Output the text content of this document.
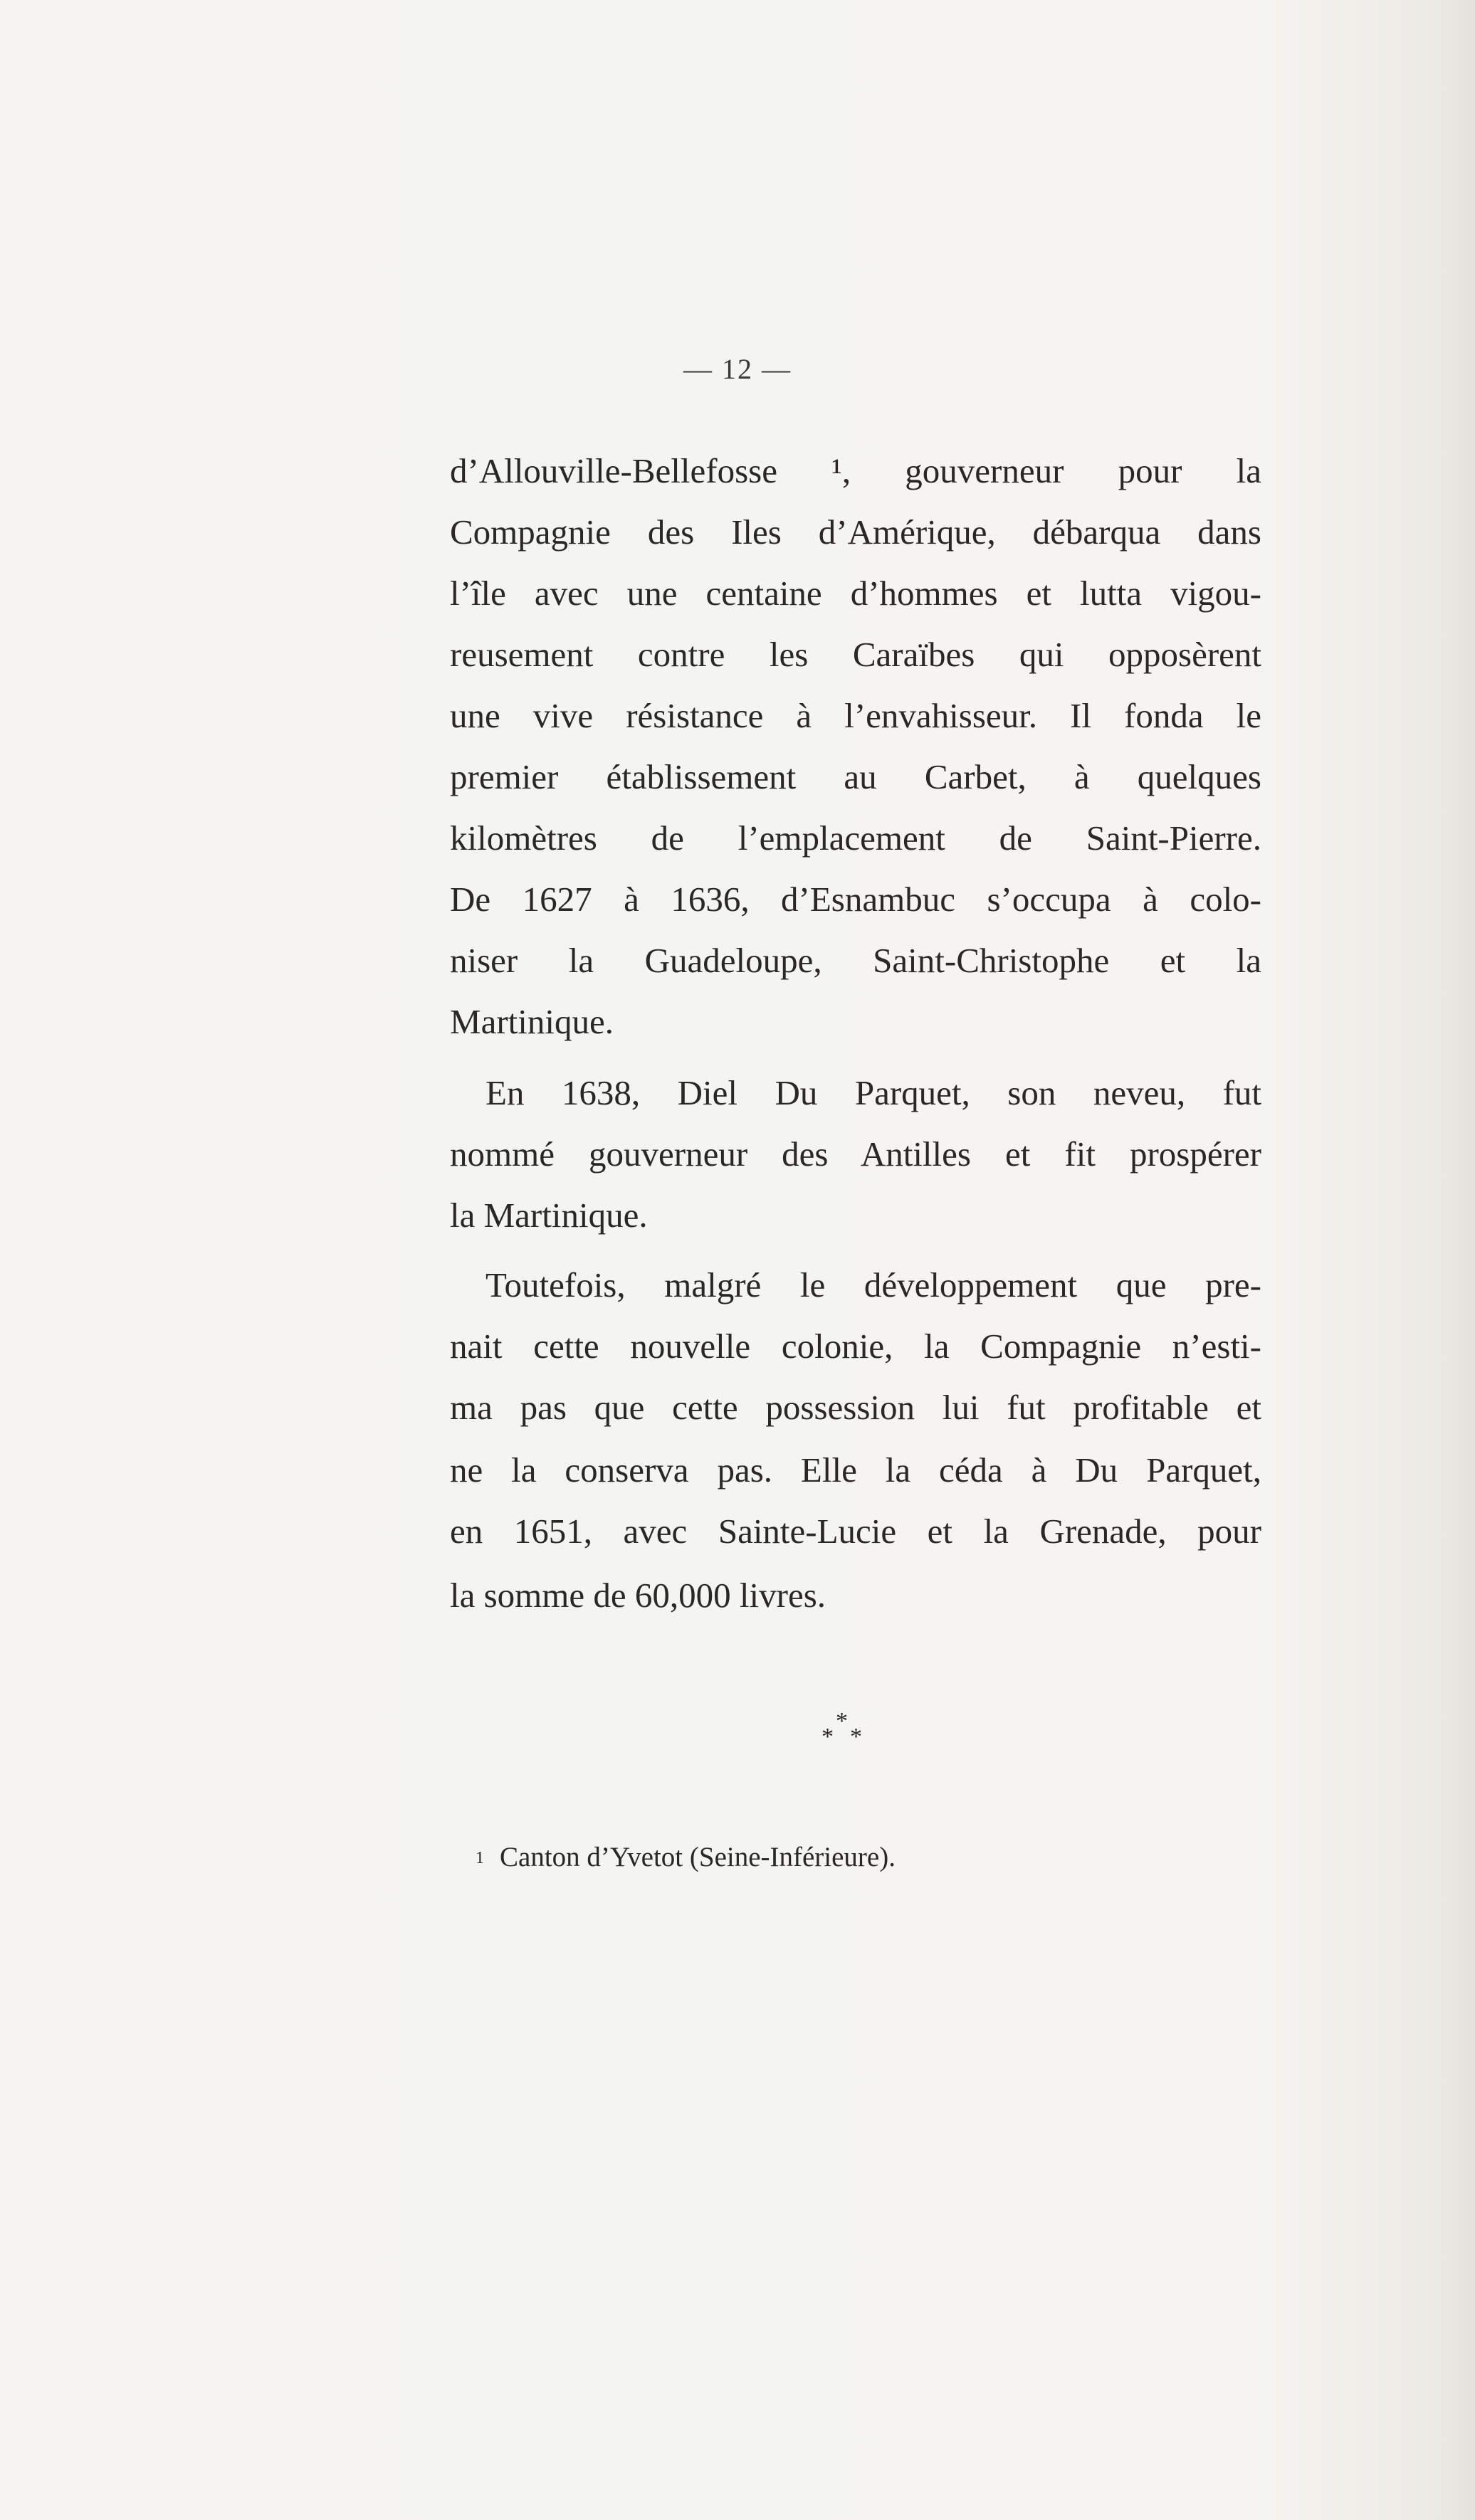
— 12 —
d’Allouville-Bellefosse ¹, gouverneur pour la
Compagnie des Iles d’Amérique, débarqua dans
l’île avec une centaine d’hommes et lutta vigou-
reusement contre les Caraïbes qui opposèrent
une vive résistance à l’envahisseur. Il fonda le
premier établissement au Carbet, à quelques
kilomètres de l’emplacement de Saint-Pierre.
De 1627 à 1636, d’Esnambuc s’occupa à colo-
niser la Guadeloupe, Saint-Christophe et la
Martinique.
En 1638, Diel Du Parquet, son neveu, fut
nommé gouverneur des Antilles et fit prospérer
la Martinique.
Toutefois, malgré le développement que pre-
nait cette nouvelle colonie, la Compagnie n’esti-
ma pas que cette possession lui fut profitable et
ne la conserva pas. Elle la céda à Du Parquet,
en 1651, avec Sainte-Lucie et la Grenade, pour
la somme de 60,000 livres.
*
* *
1 Canton d’Yvetot (Seine-Inférieure).
